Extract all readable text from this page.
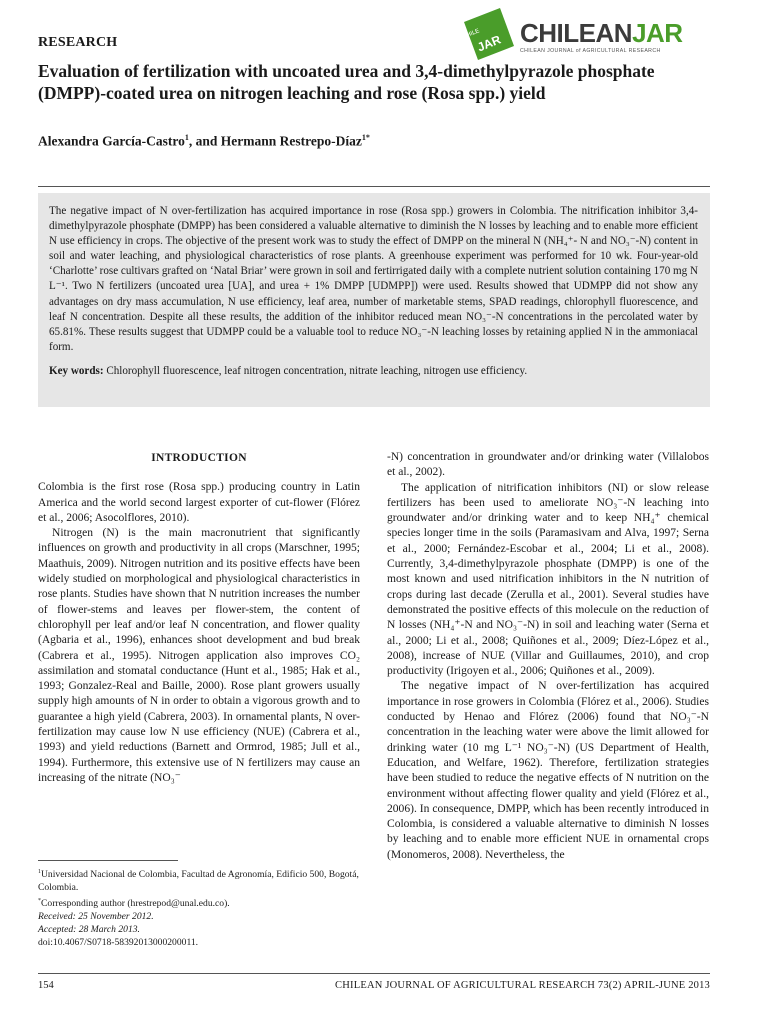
RESEARCH	JAR
CHILE CHILEANJAR
CHILEAN JOURNAL of AGRICULTURAL RESEARCH
Evaluation of fertilization with uncoated urea and 3,4-dimethylpyrazole phosphate (DMPP)-coated urea on nitrogen leaching and rose (Rosa spp.) yield
Alexandra García-Castro$^1$, and Hermann Restrepo-Díaz$^{1*}$

The negative impact of N over-fertilization has acquired importance in rose (Rosa spp.) growers in Colombia. The nitrification inhibitor 3,4-dimethylpyrazole phosphate (DMPP) has been considered a valuable alternative to diminish the N losses by leaching and to enable more efficient N use efficiency in crops. The objective of the present work was to study the effect of DMPP on the mineral N (NH₄⁺- N and NO₃⁻-N) content in soil and water leaching, and physiological characteristics of rose plants. A greenhouse experiment was performed for 10 wk. Four-year-old ‘Charlotte’ rose cultivars grafted on ‘Natal Briar’ were grown in soil and fertirrigated daily with a complete nutrient solution containing 170 mg N L⁻¹. Two N fertilizers (uncoated urea [UA], and urea + 1% DMPP [UDMPP]) were used. Results showed that UDMPP did not show any advantages on dry mass accumulation, N use efficiency, leaf area, number of marketable stems, SPAD readings, chlorophyll fluorescence, and leaf N concentration. Despite all these results, the addition of the inhibitor reduced mean NO₃⁻-N concentrations in the percolated water by 65.81%. These results suggest that UDMPP could be a valuable tool to reduce NO₃⁻-N leaching losses by retaining applied N in the ammoniacal form.

Key words: Chlorophyll fluorescence, leaf nitrogen concentration, nitrate leaching, nitrogen use efficiency.

INTRODUCTION

Colombia is the first rose (Rosa spp.) producing country in Latin America and the world second largest exporter of cut-flower (Flórez et al., 2006; Asocolflores, 2010).

Nitrogen (N) is the main macronutrient that significantly influences on growth and productivity in all crops (Marschner, 1995; Maathuis, 2009). Nitrogen nutrition and its positive effects have been widely studied on morphological and physiological characteristics in rose plants. Studies have shown that N nutrition increases the number of flower-stems and leaves per flower-stem, the content of chlorophyll per leaf and/or leaf N concentration, and flower quality (Agbaria et al., 1996), enhances shoot development and bud break (Cabrera et al., 1995). Nitrogen application also improves CO₂ assimilation and stomatal conductance (Hunt et al., 1985; Hak et al., 1993; Gonzalez-Real and Baille, 2000). Rose plant growers usually supply high amounts of N in order to obtain a vigorous growth and to guarantee a high yield (Cabrera, 2003). In ornamental plants, N over-fertilization may cause low N use efficiency (NUE) (Cabrera et al., 1993) and yield reductions (Barnett and Ormrod, 1985; Jull et al., 1994). Furthermore, this extensive use of N fertilizers may cause an increasing of the nitrate (NO₃⁻

-N) concentration in groundwater and/or drinking water (Villalobos et al., 2002).

The application of nitrification inhibitors (NI) or slow release fertilizers has been used to ameliorate NO₃⁻-N leaching into groundwater and/or drinking water and to keep NH₄⁺ chemical species longer time in the soils (Paramasivam and Alva, 1997; Serna et al., 2000; Fernández-Escobar et al., 2004; Li et al., 2008). Currently, 3,4-dimethylpyrazole phosphate (DMPP) is one of the most known and used nitrification inhibitors in the N nutrition of crops during last decade (Zerulla et al., 2001). Several studies have demonstrated the positive effects of this molecule on the reduction of N losses (NH₄⁺-N and NO₃⁻-N) in soil and leaching water (Serna et al., 2000; Li et al., 2008; Quiñones et al., 2009; Díez-López et al., 2008), increase of NUE (Villar and Guillaumes, 2010), and crop productivity (Irigoyen et al., 2006; Quiñones et al., 2009).

The negative impact of N over-fertilization has acquired importance in rose growers in Colombia (Flórez et al., 2006). Studies conducted by Henao and Flórez (2006) found that NO₃⁻-N concentration in the leaching water were above the limit allowed for drinking water (10 mg L⁻¹ NO₃⁻-N) (US Department of Health, Education, and Welfare, 1962). Therefore, fertilization strategies have been studied to reduce the negative effects of N nutrition on the environment without affecting flower quality and yield (Flórez et al., 2006). In consequence, DMPP, which has been recently introduced in Colombia, is considered a valuable alternative to diminish N losses by leaching and to enable more efficient NUE in ornamental crops (Monomeros, 2008). Nevertheless, the

$^1$Universidad Nacional de Colombia, Facultad de Agronomía, Edificio 500, Bogotá, Colombia.
*Corresponding author (hrestrepod@unal.edu.co).
Received: 25 November 2012.
Accepted: 28 March 2013.
doi:10.4067/S0718-58392013000200011.
154	CHILEAN JOURNAL OF AGRICULTURAL RESEARCH 73(2) APRIL-JUNE 2013
